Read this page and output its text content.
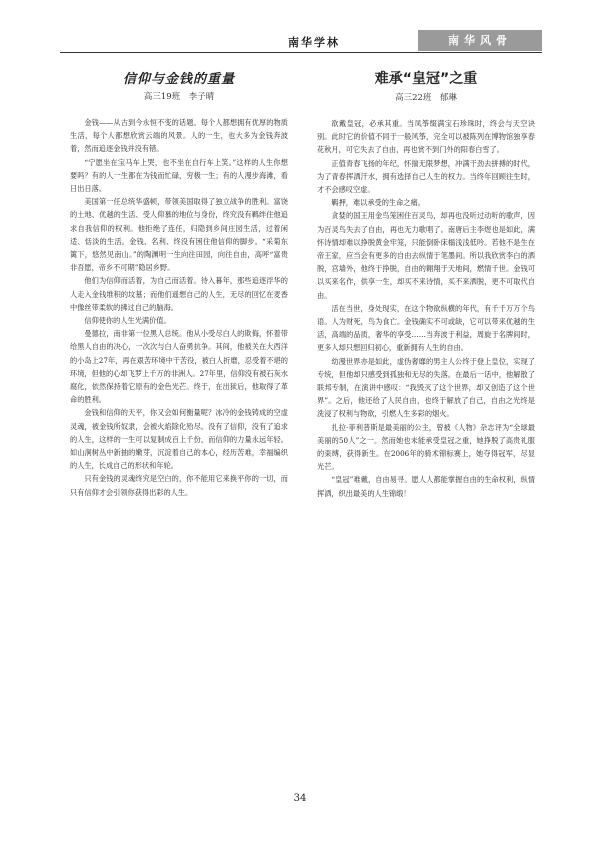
南华学林	南华风骨
信仰与金钱的重量
高三19班　李子晴

金钱——从古到今永恒不变的话题。每个人都想拥有优厚的物质生活，每个人都想欣赏云端的风景。人的一生，也大多为金钱奔波着，然而追逐金钱并没有错。

“宁愿坐在宝马车上哭，也不坐在自行车上笑。”这样的人生你想要吗？有的人一生都在为钱而忙碌，穷极一生；有的人漫步海滩，看日出日落。

美国第一任总统华盛顿，带领美国取得了独立战争的胜利。富饶的土地、优越的生活、受人仰慕的地位与身份，终究没有羁绊住他追求自我信仰的权利。他拒绝了连任，归隐到乡间庄园生活，过着闲适、恬淡的生活。金钱、名利、终没有困住他信仰的脚步。“采菊东篱下，悠然见南山。”的陶渊明一生向往田园，向往自由，高呼“富贵非吾愿，帝乡不可期”隐居乡野。

他们为信仰而活着，为自己而活着。待入暮年，那些追逐浮华的人走入金钱堆积的坟墓；而他们遥想自己的人生，无尽的回忆在麦香中像丝带柔软的拂过自己的脑海。

信仰使你的人生光满价值。

曼德拉，南非第一位黑人总统。他从小受尽白人的欺侮，怀着带给黑人自由的决心，一次次与白人奋勇抗争。其间，他被关在大西洋的小岛上27年，再在艰苦环境中干苦役，被白人折磨，忍受着不堪的环境，但他的心却飞罗上千万的非洲人。27年里，信仰没有被石灰水腐化，依然保持着它原有的金色光芒。终于，在出狱后，他取得了革命的胜利。

金钱和信仰的天平，你又会如何衡量呢？冰冷的金钱铸成的空虚灵魂，被金钱所奴隶，会被火焰除化殆尽。没有了信仰，没有了追求的人生，这样的一生可以复制成百上千份，而信仰的力量永远年轻。如山涧树丛中新抽的嫩芽，沉淀着自己的本心，经历苦难，幸福编织的人生，长成自己的形状和年轮。

只有金钱的灵魂终究是空白的，你不能用它来换平你的一切，而只有信仰才会引领你获得出彩的人生。

难承“皇冠”之重
高三22班　郁琳

欲戴皇冠，必承其重。当凤筝缀满宝石珍珠时，终会与天空诀别。此时它的价值不同于一般风筝，完全可以被陈列在博物馆独享春花秋月，可它失去了自由，再也赏不到门外的阳春白雪了。

正值青春飞扬的年纪，怀揣无限梦想，冲满干劲去拼搏的时代，为了青春挥洒汗水，拥有选择自己人生的权力。当终年回顾往生时，才不会感叹空虚。

羁押，难以承受的生命之痛。

贪婪的国王用金鸟笼困住百灵鸟，却再也没听过动听的歌声，因为百灵鸟失去了自由，再也无力歌唱了。南唐后主李煜也是如此，满怀诗情却难以挣脱黄金牢笼，只能倒卧床榻浅浅低吟。若他不是生在帝王家，应当会有更多的自由去纵情于笔墨间。所以我欣赏李白的洒脱，宫墙外，他终于挣脱，自由的翱翔于天地间，燃情千世。金钱可以买来名作，供享一生，却买不来诗情，买不来洒脱，更不可取代自由。

活在当世，身处现实，在这个物欲纵横的年代，有千千万万个鸟语。人为财死，鸟为食亡。金钱确实不可或缺，它可以带来优越的生活，高端的品质，奢华的享受……当奔波于利益，周旋于名牌间时，更多人却只想回归初心，重新拥有人生的自由。

幼漫世界亦是如此，虚伪奢靡的男主人公终于登上皇位，实现了专统，但他却只感受到孤独和无尽的失落。在最后一话中，他解散了联邦专制，在演讲中感叹：“我毁灭了这个世界，却又创造了这个世界”。之后，他还给了人民自由，也终于解放了自己，自由之光终是洗浸了权利与物欲，引燃人生多彩的烟火。

扎拉·菲利普斯是最美丽的公主，曾被《人物》杂志评为“全球最美丽的50人”之一。然而她也未能承受皇冠之重，她挣脱了高贵礼服的束缚，获得新生。在2006年的骑术锦标赛上，她夺得冠军，尽显光芒。

“皇冠”难戴，自由易寻。愿人人都能掌握自由的生命权利，纵情挥洒，织出最美的人生锦缎！

34
